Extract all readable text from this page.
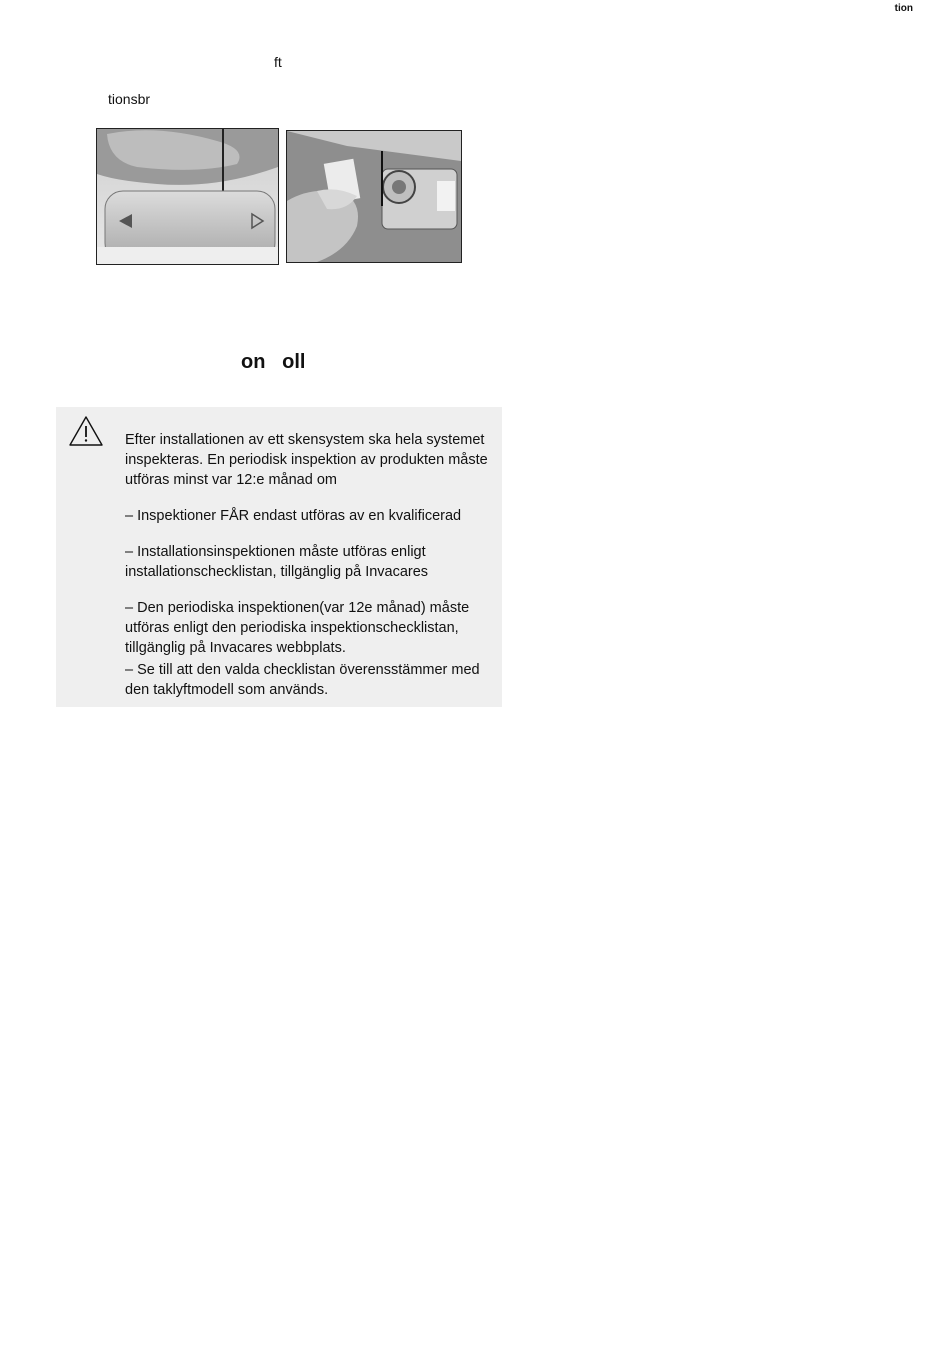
tion
ft
tionsbr
on   oll

Efter installationen av ett skensystem ska hela systemet inspekteras. En periodisk inspektion av produkten måste utföras minst var 12:e månad om

– Inspektioner FÅR endast utföras av en kvalificerad

– Installationsinspektionen måste utföras enligt installationschecklistan, tillgänglig på Invacares

– Den periodiska inspektionen(var 12e månad) måste utföras enligt den periodiska inspektionschecklistan, tillgänglig på Invacares webbplats.

– Se till att den valda checklistan överensstämmer med den taklyftmodell som används.
